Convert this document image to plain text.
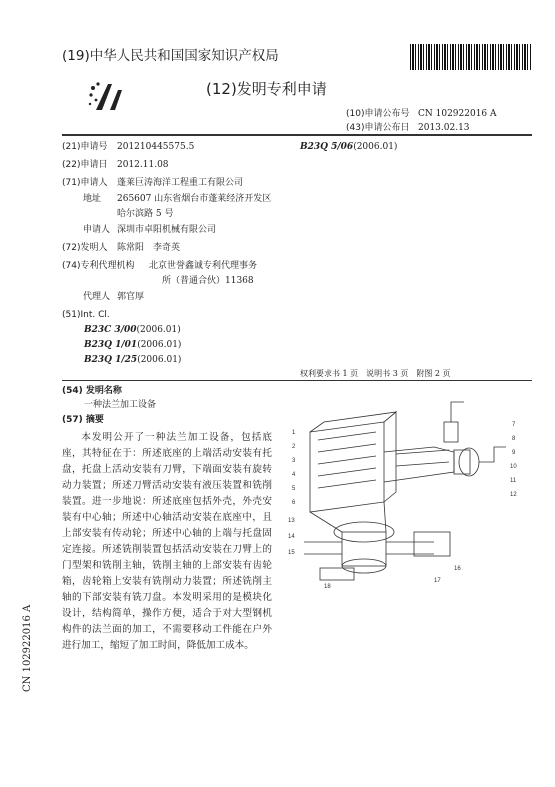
(19)中华人民共和国国家知识产权局
(12)发明专利申请
(10)申请公布号 CN 102922016 A
(43)申请公布日 2013.02.13
(21)申请号 201210445575.5	B23Q 5/06(2006.01)
(22)申请日 2012.11.08
(71)申请人 蓬莱巨涛海洋工程重工有限公司
地址 265607 山东省烟台市蓬莱经济开发区
哈尔滨路 5 号
申请人 深圳市卓阳机械有限公司
(72)发明人 陈常阳　李奇英
(74)专利代理机构 北京世誉鑫诚专利代理事务
所（普通合伙）11368
代理人 郭官厚
(51)Int. Cl.
B23C 3/00(2006.01)
B23Q 1/01(2006.01)
B23Q 1/25(2006.01)
权利要求书 1 页　说明书 3 页　附图 2 页
(54) 发明名称
一种法兰加工设备
(57) 摘要
本发明公开了一种法兰加工设备，包括底座，其特征在于：所述底座的上端活动安装有托盘，托盘上活动安装有刀臂，下端面安装有旋转动力装置；所述刀臂活动安装有液压装置和铣削装置。进一步地说：所述底座包括外壳，外壳安装有中心轴；所述中心轴活动安装在底座中，且上部安装有传动轮；所述中心轴的上端与托盘固定连接。所述铣削装置包括活动安装在刀臂上的门型架和铣削主轴，铣削主轴的上部安装有齿轮箱，齿轮箱上安装有铣削动力装置；所述铣削主轴的下部安装有铣刀盘。本发明采用的是模块化设计，结构简单，操作方便，适合于对大型钢机构件的法兰面的加工，不需要移动工件能在户外进行加工，缩短了加工时间，降低加工成本。
CN 102922016 A
1
2
3
4
5
6
7
8
9
10
11
12
13
14
15
16
17
18
